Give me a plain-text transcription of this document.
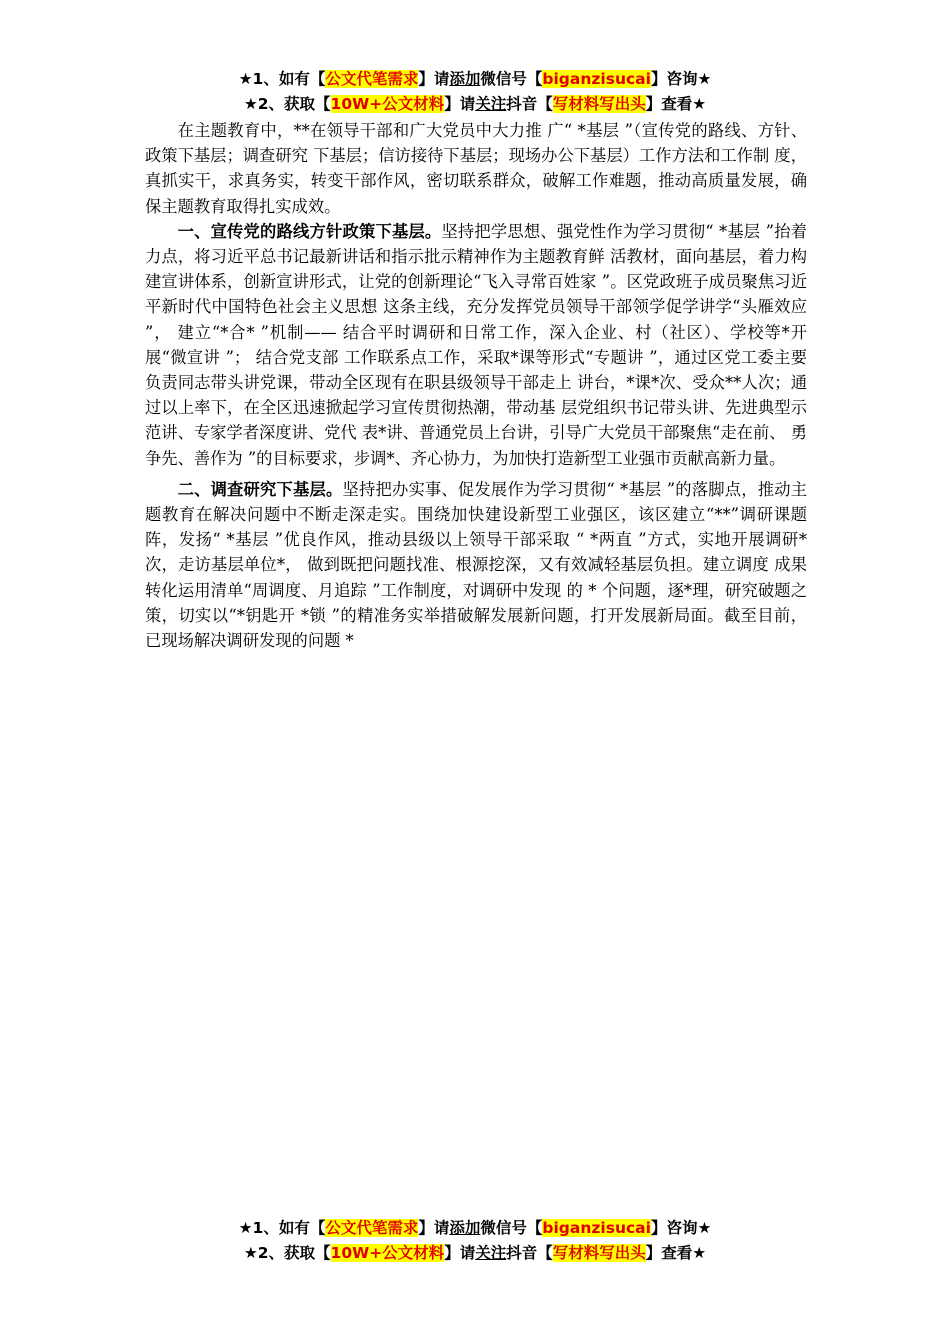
★1、如有【公文代笔需求】请添加微信号【biganzisucai】咨询★
★2、获取【10W+公文材料】请关注抖音【写材料写出头】查看★

在主题教育中，**在领导干部和广大党员中大力推 广“ *基层 ”（宣传党的路线、方针、政策下基层；调查研究 下基层；信访接待下基层；现场办公下基层）工作方法和工作制 度，真抓实干，求真务实，转变干部作风，密切联系群众，破解工作难题，推动高质量发展，确保主题教育取得扎实成效。

一、宣传党的路线方针政策下基层。坚持把学思想、强党性作为学习贯彻“ *基层 ”抬着 力点，将习近平总书记最新讲话和指示批示精神作为主题教育鲜 活教材，面向基层，着力构建宣讲体系，创新宣讲形式，让党的创新理论“飞入寻常百姓家 ”。区党政班子成员聚焦习近平新时代中国特色社会主义思想 这条主线，充分发挥党员领导干部领学促学讲学“头雁效应 ”， 建立“*合* ”机制—— 结合平时调研和日常工作，深入企业、村（社区）、学校等*开展“微宣讲 ”； 结合党支部 工作联系点工作，采取*课等形式“专题讲 ”，通过区党工委主要负责同志带头讲党课，带动全区现有在职县级领导干部走上 讲台，*课*次、受众**人次；通过以上率下，在全区迅速掀起学习宣传贯彻热潮，带动基 层党组织书记带头讲、先进典型示范讲、专家学者深度讲、党代 表*讲、普通党员上台讲，引导广大党员干部聚焦“走在前、 勇争先、善作为 ”的目标要求，步调*、齐心协力，为加快打造新型工业强市贡献高新力量。

二、调查研究下基层。坚持把办实事、促发展作为学习贯彻“ *基层 ”的落脚点，推动主题教育在解决问题中不断走深走实。围绕加快建设新型工业强区，该区建立“**”调研课题 阵，发扬“ *基层 ”优良作风，推动县级以上领导干部采取 “ *两直 ”方式，实地开展调研* 次，走访基层单位*， 做到既把问题找准、根源挖深，又有效减轻基层负担。建立调度 成果转化运用清单“周调度、月追踪 ”工作制度，对调研中发现 的 * 个问题，逐*理，研究破题之策，切实以“*钥匙开 *锁 ”的精准务实举措破解发展新问题，打开发展新局面。截至目前， 已现场解决调研发现的问题 *

★1、如有【公文代笔需求】请添加微信号【biganzisucai】咨询★
★2、获取【10W+公文材料】请关注抖音【写材料写出头】查看★
